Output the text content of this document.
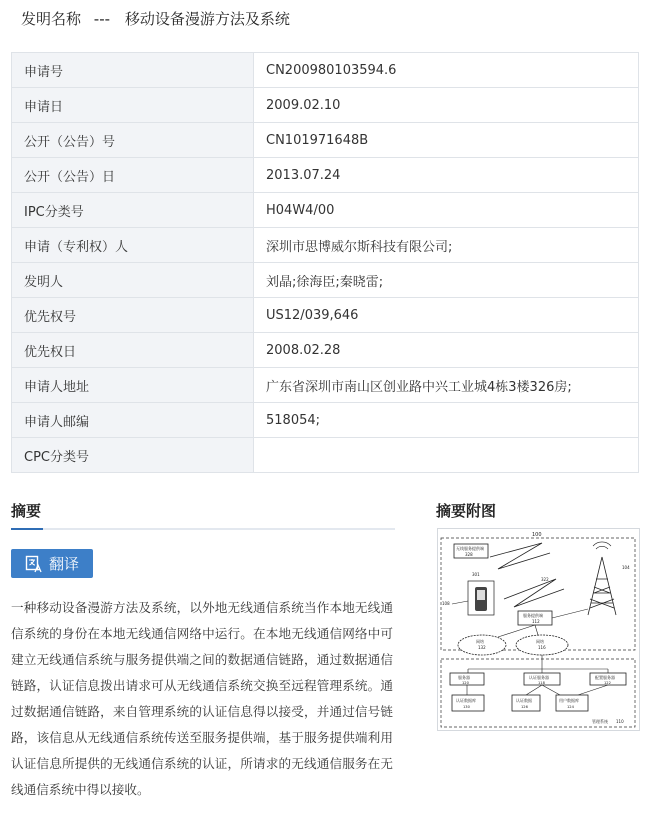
发明名称 --- 移动设备漫游方法及系统
申请号	CN200980103594.6
申请日	2009.02.10
公开（公告）号	CN101971648B
公开（公告）日	2013.07.24
IPC分类号	H04W4/00
申请（专利权）人	深圳市思博威尔斯科技有限公司;
发明人	刘晶;徐海臣;秦晓雷;
优先权号	US12/039,646
优先权日	2008.02.28
申请人地址	广东省深圳市南山区创业路中兴工业城4栋3楼326房;
申请人邮编	518054;
CPC分类号	
摘要
翻译
一种移动设备漫游方法及系统，以外地无线通信系统当作本地无线通信系统的身份在本地无线通信网络中运行。在本地无线通信网络中可建立无线通信系统与服务提供端之间的数据通信链路，通过数据通信链路，认证信息拨出请求可从无线通信系统交换至远程管理系统。通过数据通信链路，来自管理系统的认证信息得以接受，并通过信号链路，该信息从无线通信系统传送至服务提供端，基于服务提供端利用认证信息所提供的无线通信系统的认证，所请求的无线通信服务在无线通信系统中得以接收。
摘要附图
100
无线服务提供端
328
322
301
108
104
服务提供端
112
网络
132
网络
116
服务器
120
认证服务器
118
配置服务器
122
认证数据库
130
认证数据
126
用户数据库
124
管理系统 110
